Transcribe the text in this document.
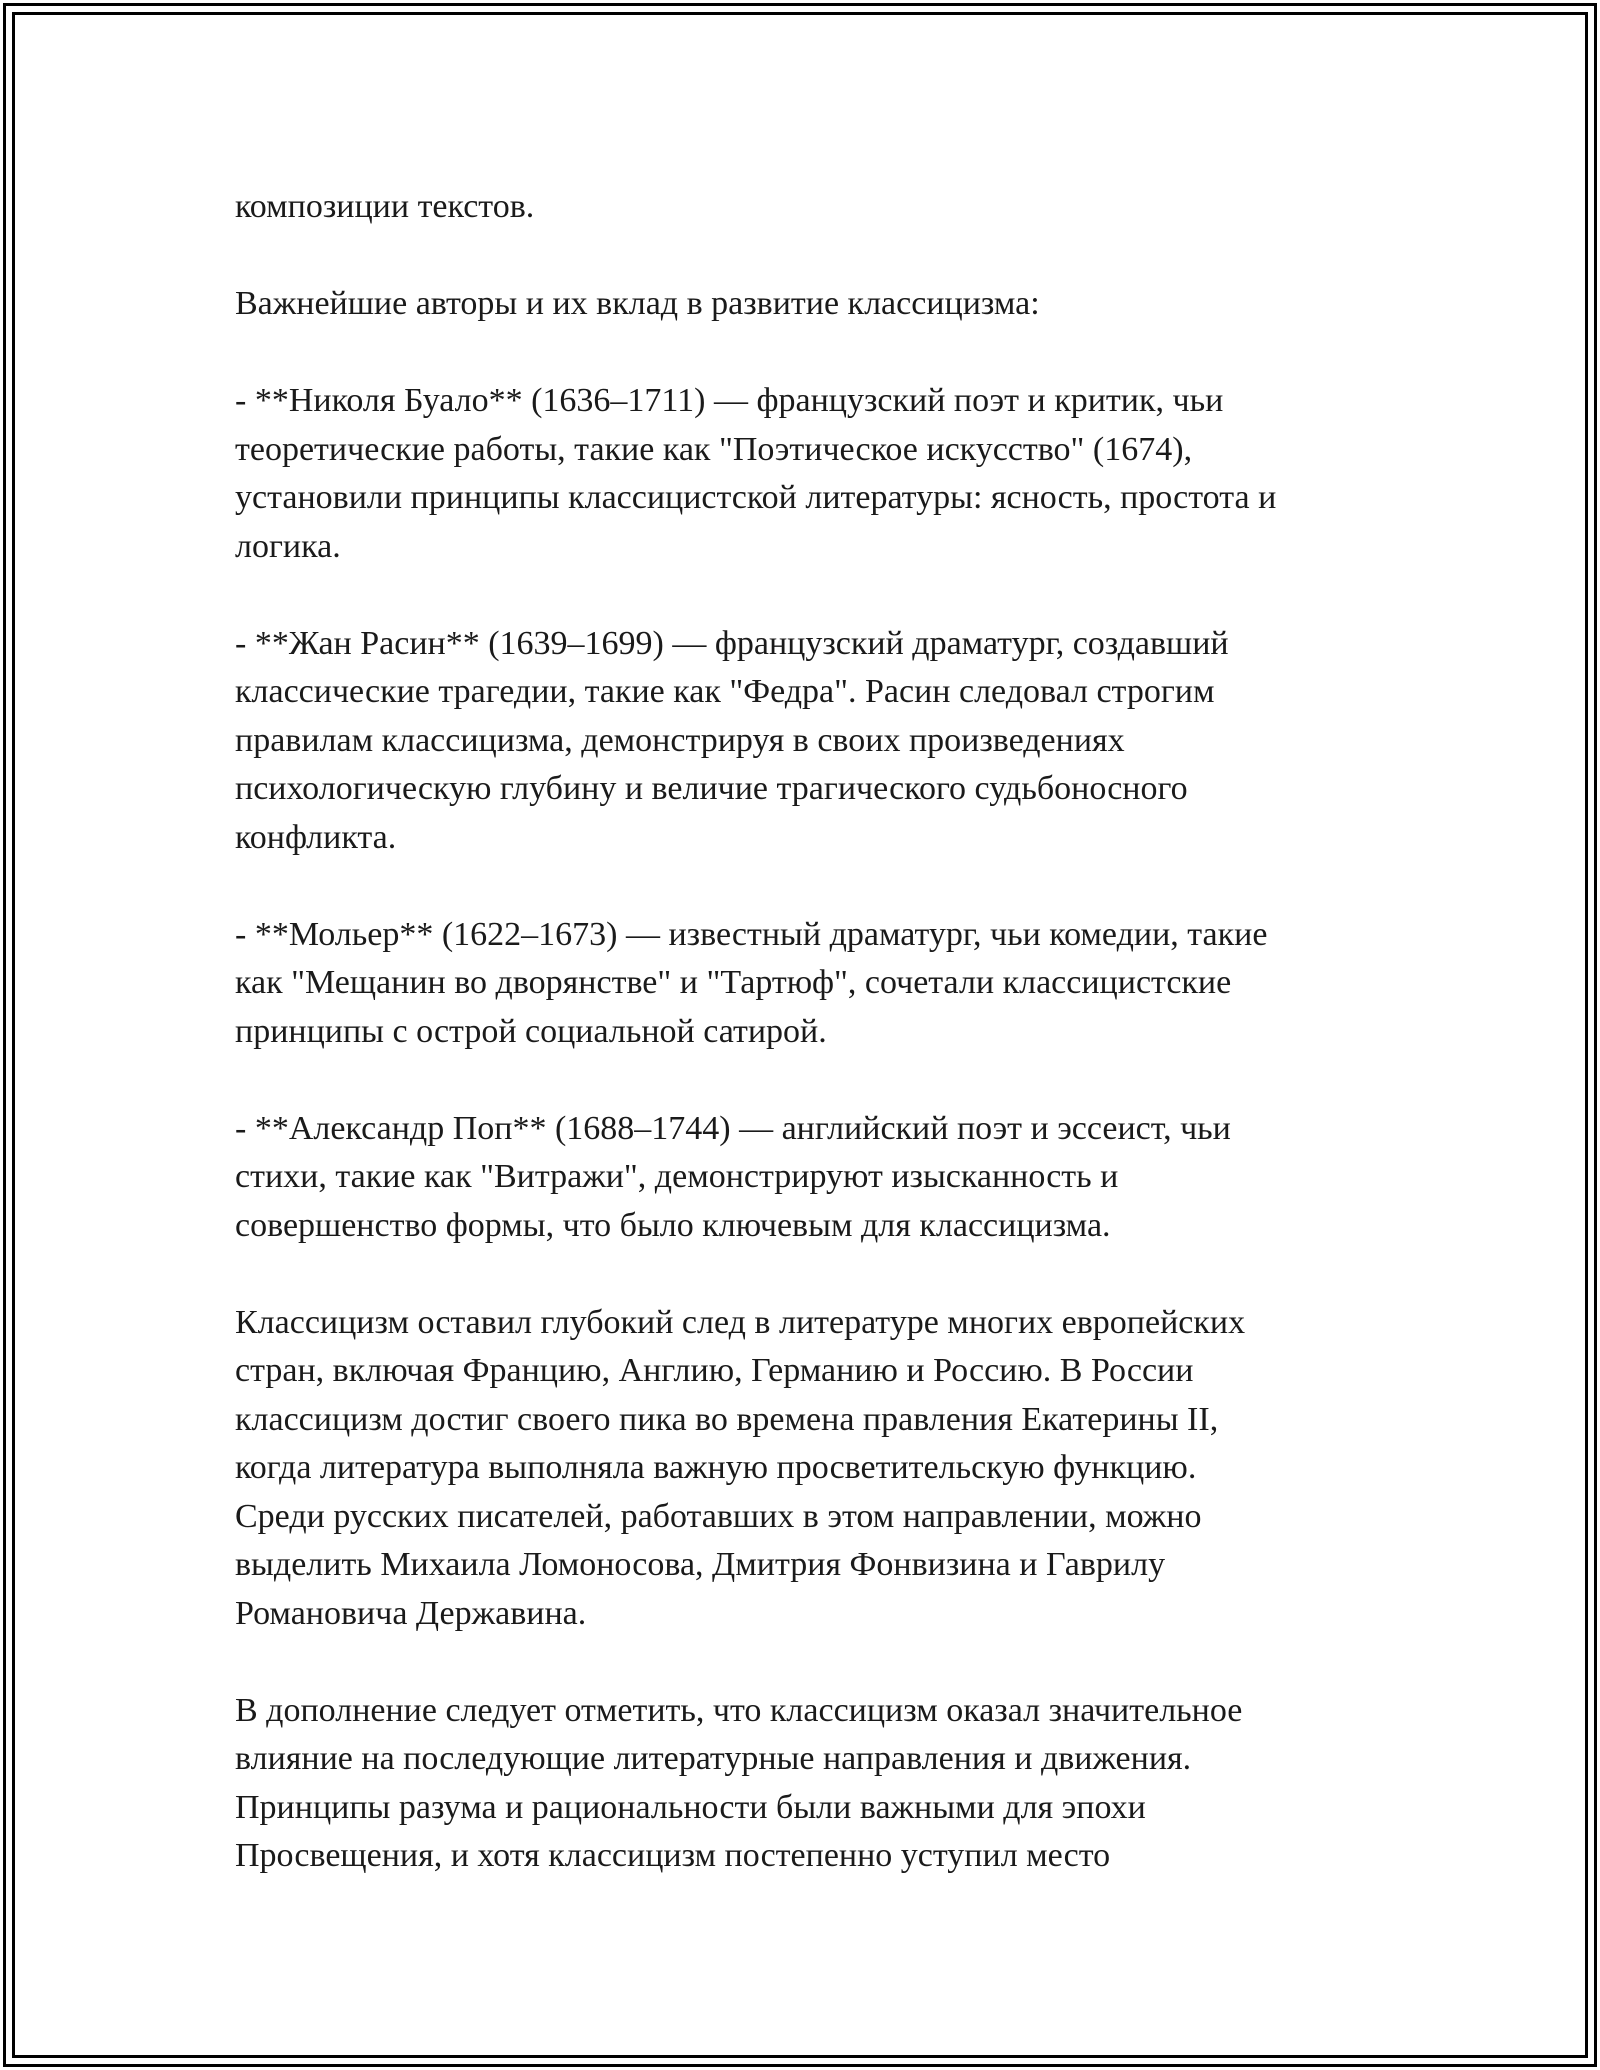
композиции текстов.

Важнейшие авторы и их вклад в развитие классицизма:

- **Николя Буало** (1636–1711) — французский поэт и критик, чьи
теоретические работы, такие как "Поэтическое искусство" (1674),
установили принципы классицистской литературы: ясность, простота и
логика.

- **Жан Расин** (1639–1699) — французский драматург, создавший
классические трагедии, такие как "Федра". Расин следовал строгим
правилам классицизма, демонстрируя в своих произведениях
психологическую глубину и величие трагического судьбоносного
конфликта.

- **Мольер** (1622–1673) — известный драматург, чьи комедии, такие
как "Мещанин во дворянстве" и "Тартюф", сочетали классицистские
принципы с острой социальной сатирой.

- **Александр Поп** (1688–1744) — английский поэт и эссеист, чьи
стихи, такие как "Витражи", демонстрируют изысканность и
совершенство формы, что было ключевым для классицизма.

Классицизм оставил глубокий след в литературе многих европейских
стран, включая Францию, Англию, Германию и Россию. В России
классицизм достиг своего пика во времена правления Екатерины II,
когда литература выполняла важную просветительскую функцию.
Среди русских писателей, работавших в этом направлении, можно
выделить Михаила Ломоносова, Дмитрия Фонвизина и Гаврилу
Романовича Державина.

В дополнение следует отметить, что классицизм оказал значительное
влияние на последующие литературные направления и движения.
Принципы разума и рациональности были важными для эпохи
Просвещения, и хотя классицизм постепенно уступил место
